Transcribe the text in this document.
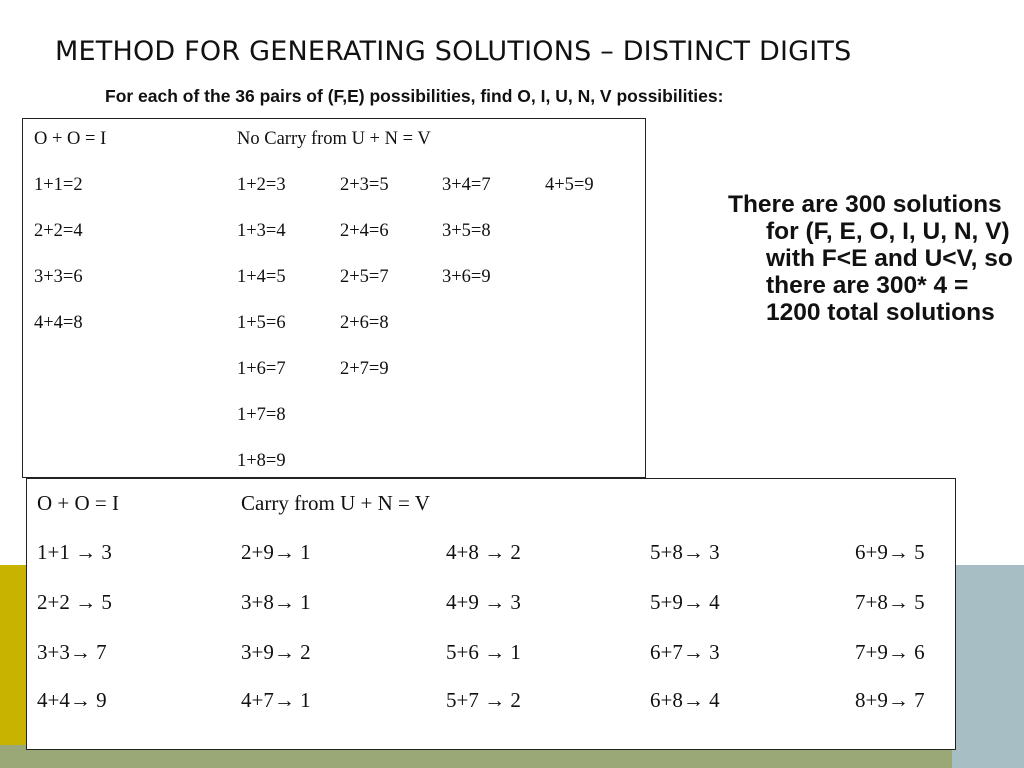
METHOD FOR GENERATING SOLUTIONS – DISTINCT DIGITS
For each of the 36 pairs of (F,E) possibilities, find O, I, U, N, V possibilities:
O + O = I	No Carry from U + N = V
1+1=2
2+2=4
3+3=6
4+4=8
1+2=3
1+3=4
1+4=5
1+5=6
1+6=7
1+7=8
1+8=9
2+3=5
2+4=6
2+5=7
2+6=8
2+7=9
3+4=7
3+5=8
3+6=9
4+5=9
There are 300 solutions for (F, E, O, I, U, N, V) with F<E and U<V, so there are 300* 4 = 1200 total solutions
O + O = I	Carry from U + N = V
1+1 → 3
2+2 → 5
3+3→ 7
4+4→ 9
2+9→ 1
3+8→ 1
3+9→ 2
4+7→ 1
4+8 → 2
4+9 → 3
5+6 → 1
5+7 → 2
5+8→ 3
5+9→ 4
6+7→ 3
6+8→ 4
6+9→ 5
7+8→ 5
7+9→ 6
8+9→ 7
